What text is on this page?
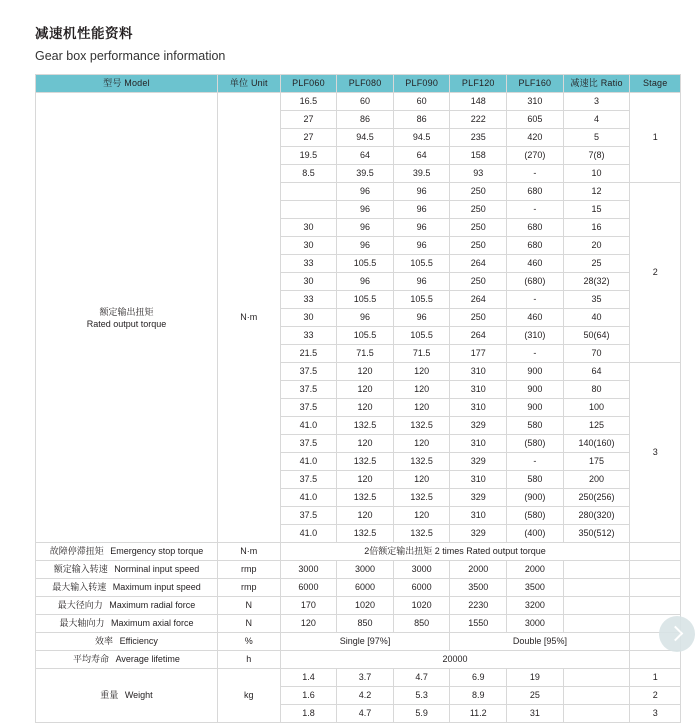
减速机性能资料
Gear box performance information
型号 Model	单位 Unit	PLF060	PLF080	PLF090	PLF120	PLF160	减速比 Ratio	Stage

额定输出扭矩
Rated output torque	N·m	16.5	60	60	148	310	3	1
		27	86	86	222	605	4	
		27	94.5	94.5	235	420	5	
		19.5	64	64	158	(270)	7(8)	
		8.5	39.5	39.5	93	-	10	
			96	96	250	680	12	2
			96	96	250	-	15	
		30	96	96	250	680	16	
		30	96	96	250	680	20	
		33	105.5	105.5	264	460	25	
		30	96	96	250	(680)	28(32)	
		33	105.5	105.5	264	-	35	
		30	96	96	250	460	40	
		33	105.5	105.5	264	(310)	50(64)	
		21.5	71.5	71.5	177	-	70	
		37.5	120	120	310	900	64	3
		37.5	120	120	310	900	80	
		37.5	120	120	310	900	100	
		41.0	132.5	132.5	329	580	125	
		37.5	120	120	310	(580)	140(160)	
		41.0	132.5	132.5	329	-	175	
		37.5	120	120	310	580	200	
		41.0	132.5	132.5	329	(900)	250(256)	
		37.5	120	120	310	(580)	280(320)	
		41.0	132.5	132.5	329	(400)	350(512)	
故障停滞扭矩 Emergency stop torque	N·m	2倍额定输出扭矩 2 times Rated output torque						
额定输入转速 Norminal input speed	rmp	3000	3000	3000	2000	2000		
最大输入转速 Maximum input speed	rmp	6000	6000	6000	3500	3500		
最大径向力 Maximum radial force	N	170	1020	1020	2230	3200		
最大轴向力 Maximum axial force	N	120	850	850	1550	3000		
效率 Efficiency	%	Single [97%]			Double [95%]			
平均寿命 Average lifetime	h	20000						
重量 Weight	kg	1.4	3.7	4.7	6.9	19		1
		1.6	4.2	5.3	8.9	25		2
		1.8	4.7	5.9	11.2	31		3
